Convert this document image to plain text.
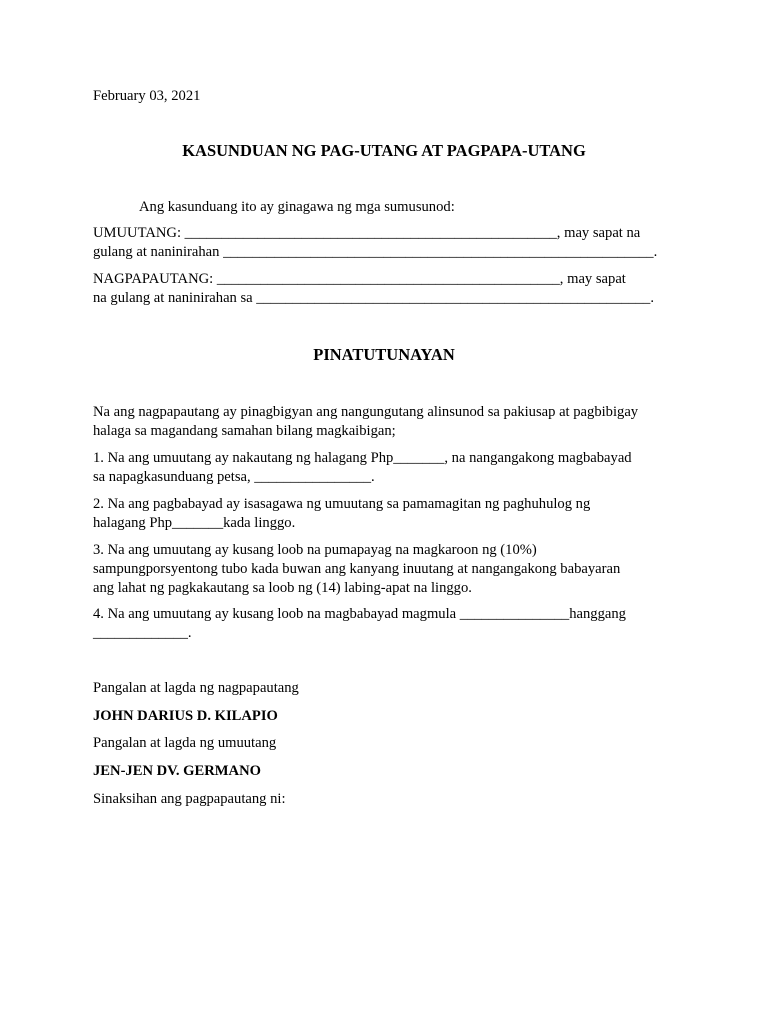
February 03, 2021
KASUNDUAN NG PAG-UTANG AT PAGPAPA-UTANG
Ang kasunduang ito ay ginagawa ng mga sumusunod:
UMUUTANG: ___________________________________________________, may sapat na
gulang at naninirahan ___________________________________________________________.
NAGPAPAUTANG: _______________________________________________, may sapat
na gulang at naninirahan sa ______________________________________________________.
PINATUTUNAYAN
Na ang nagpapautang ay pinagbigyan ang nangungutang alinsunod sa pakiusap at pagbibigay
halaga sa magandang samahan bilang magkaibigan;
1. Na ang umuutang ay nakautang ng halagang Php_______, na nangangakong magbabayad
sa napagkasunduang petsa, ________________.
2. Na ang pagbabayad ay isasagawa ng umuutang sa pamamagitan ng paghuhulog ng
halagang Php_______kada linggo.
3. Na ang umuutang ay kusang loob na pumapayag na magkaroon ng (10%)
sampungporsyentong tubo kada buwan ang kanyang inuutang at nangangakong babayaran
ang lahat ng pagkakautang sa loob ng (14) labing-apat na linggo.
4. Na ang umuutang ay kusang loob na magbabayad magmula _______________hanggang
_____________.
Pangalan at lagda ng nagpapautang
JOHN DARIUS D. KILAPIO
Pangalan at lagda ng umuutang
JEN-JEN DV. GERMANO
Sinaksihan ang pagpapautang ni:
